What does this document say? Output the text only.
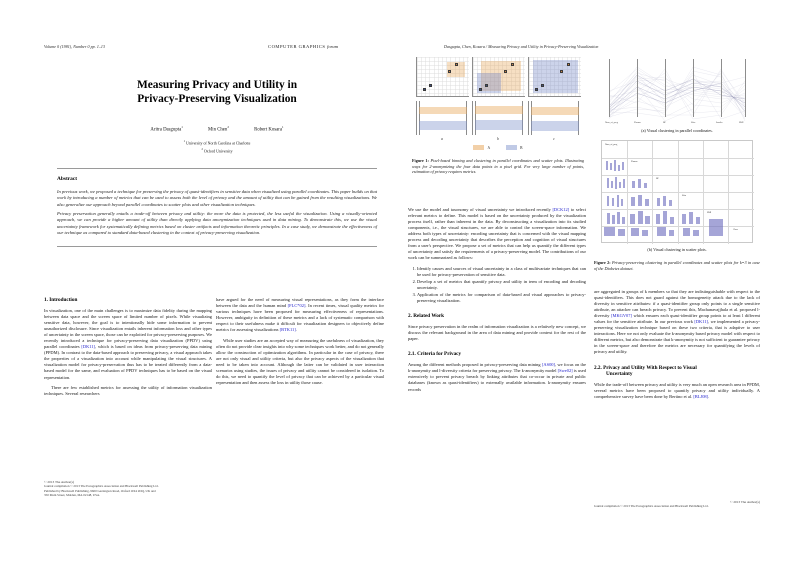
Volume 0 (1981), Number 0 pp. 1–13	COMPUTER GRAPHICS forum	Dasgupta, Chen, Kosara / Measuring Privacy and Utility in Privacy-Preserving Visualization
Measuring Privacy and Utility in
Privacy-Preserving Visualization
Aritra Dasgupta$^1$ Min Chen$^2$ Robert Kosara$^1$
$^1$ University of North Carolina at Charlotte
$^2$ Oxford University
Abstract

In previous work, we proposed a technique for preserving the privacy of quasi-identifiers in sensitive data when visualized using parallel coordinates. This paper builds on that work by introducing a number of metrics that can be used to assess both the level of privacy and the amount of utility that can be gained from the resulting visualizations. We also generalize our approach beyond parallel coordinates to scatter plots and other visualization techniques.

Privacy preservation generally entails a trade-off between privacy and utility: the more the data is protected, the less useful the visualization. Using a visually-oriented approach, we can provide a higher amount of utility than directly applying data anonymization techniques used in data mining. To demonstrate this, we use the visual uncertainty framework for systematically defining metrics based on cluster artifacts and information theoretic principles. In a case study, we demonstrate the effectiveness of our technique as compared to standard data-based clustering in the context of privacy-preserving visualization.

1. Introduction

In visualization, one of the main challenges is to maximize data fidelity during the mapping between data space and the screen space of limited number of pixels. While visualizing sensitive data, however, the goal is to intentionally hide some information to prevent unauthorized disclosure. Since visualization entails inherent information loss and other types of uncertainty in the screen space, those can be exploited for privacy-preserving purposes. We recently introduced a technique for privacy-preserving data visualization (PPDV) using parallel coordinates [DK11], which is based on ideas from privacy-preserving data mining (PPDM). In contrast to the data-based approach to preserving privacy, a visual approach takes the properties of a visualization into account while manipulating the visual structures. A visualization model for privacy-preservation thus has to be treated differently from a data-based model for the same, and evaluation of PPDV techniques has to be based on the visual representation.

There are few established metrics for assessing the utility of information visualization techniques. Several researchers

have argued for the need of measuring visual representations, as they form the interface between the data and the human mind [FLC*02]. In recent times, visual quality metrics for various techniques have been proposed for measuring effectiveness of representations. However, ambiguity in definition of these metrics and a lack of systematic comparison with respect to their usefulness make it difficult for visualization designers to objectively define metrics for assessing visualizations [BTK11].

While user studies are an accepted way of measuring the usefulness of visualization, they often do not provide clear insights into why some techniques work better, and do not generally allow the construction of optimization algorithms. In particular in the case of privacy, there are not only visual and utility criteria, but also the privacy aspects of the visualization that need to be taken into account. Although the latter can be validated in user interaction scenarios using studies, the issues of privacy and utility cannot be considered in isolation. To do this, we need to quantify the level of privacy that can be achieved by a particular visual representation and then assess the loss in utility those cause.

a	b	c
A	B
Figure 1: Pixel-based binning and clustering in parallel coordinates and scatter plots. Illustrating ways for 2-anonymizing the four data points in a pixel grid. For very large number of points, estimation of privacy requires metrics.

We use the model and taxonomy of visual uncertainty we introduced recently [DCK12] to select relevant metrics to define. This model is based on the uncertainty produced by the visualization process itself, rather than inherent in the data. By deconstructing a visualization into its studied components, i.e., the visual structures, we are able to control the screen-space information. We address both types of uncertainty: encoding uncertainty that is concerned with the visual mapping process and decoding uncertainty that describes the perception and cognition of visual structures from a user's perspective. We propose a set of metrics that can help us quantify the different types of uncertainty and satisfy the requirements of a privacy-preserving model. The contributions of our work can be summarized as follows:

1. Identify causes and sources of visual uncertainty in a class of multivariate techniques that can be used for privacy-preservation of sensitive data.
2. Develop a set of metrics that quantify privacy and utility in term of encoding and decoding uncertainty.
3. Application of the metrics for comparison of data-based and visual approaches to privacy-preserving visualization.
2. Related Work

Since privacy preservation in the realm of information visualization is a relatively new concept, we discuss the relevant background in the area of data mining and provide context for the rest of the paper.

2.1. Criteria for Privacy

Among the different methods proposed in privacy-preserving data mining [AS00], we focus on the k-anonymity and l-diversity criteria for preserving privacy. The k-anonymity model [Swe02] is used extensively to prevent privacy breach by linking attributes that co-occur in private and public databases (known as quasi-identifiers) to externally available information. k-anonymity ensures records

Num_of_preg	Plasma	BP	Skin	Insulin	BMI
(a) Visual clustering in parallel coordinates.
Num_of_preg
Plasma
BP
Skin
BMI
Class
(b) Visual clustering in scatter plots.
Figure 2: Privacy-preserving clustering in parallel coordinates and scatter plots for k=3 in case of the Diabetes dataset.

are aggregated in groups of k members so that they are indistinguishable with respect to the quasi-identifiers. This does not guard against the homogeneity attack due to the lack of diversity in sensitive attributes: if a quasi-identifier group only points to a single sensitive attribute, an attacker can breach privacy. To prevent this, Machanavajjhala et al. proposed l-diversity [MKGV07] which ensures each quasi-identifier group points to at least l different values for the sensitive attribute. In our previous work [DK11], we implemented a privacy-preserving visualization technique based on these two criteria, that is adaptive to user interactions. Here we not only evaluate the k-anonymity based privacy model with respect to different metrics, but also demonstrate that k-anonymity is not sufficient to guarantee privacy in the screen-space and therefore the metrics are necessary for quantifying the levels of privacy and utility.

2.2. Privacy and Utility With Respect to Visual
Uncertainty

While the trade-off between privacy and utility is very much an open research area in PPDM, several metrics have been proposed to quantify privacy and utility individually. A comprehensive survey have been done by Bertino et al. [BLJ08].

© 2013 The Author(s)
Journal compilation © 2013 The Eurographics Association and Blackwell Publishing Ltd.
Published by Blackwell Publishing, 9600 Garsington Road, Oxford OX4 2DQ, UK and
350 Main Street, Malden, MA 02148, USA.
© 2013 The Author(s)
Journal compilation © 2013 The Eurographics Association and Blackwell Publishing Ltd.
